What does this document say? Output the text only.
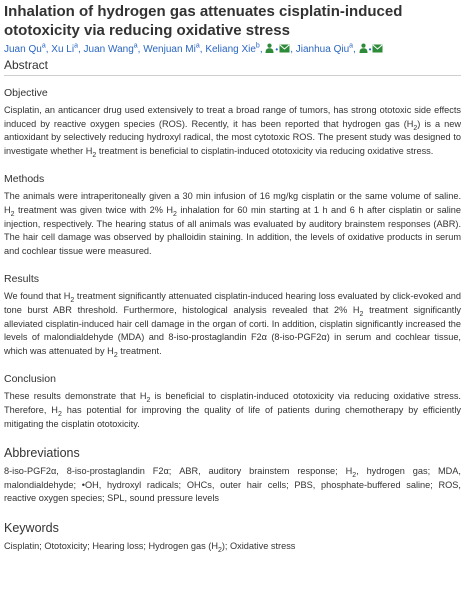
Inhalation of hydrogen gas attenuates cisplatin-induced ototoxicity via reducing oxidative stress
Juan Qu$^a$, Xu Li$^a$, Juan Wang$^a$, Wenjuan Mi$^a$, Keliang Xie$^b$,
• , Jianhua Qiu$^a$,
•
Abstract
Objective

Cisplatin, an anticancer drug used extensively to treat a broad range of tumors, has strong ototoxic side effects induced by reactive oxygen species (ROS). Recently, it has been reported that hydrogen gas $(H_2)$ is a new antioxidant by selectively reducing hydroxyl radical, the most cytotoxic ROS. The present study was designed to investigate whether $H_2$ treatment is beneficial to cisplatin-induced ototoxicity via reducing oxidative stress.

Methods

The animals were intraperitoneally given a 30 min infusion of 16 mg/kg cisplatin or the same volume of saline. $H_2$ treatment was given twice with 2% $H_2$ inhalation for 60 min starting at 1 h and 6 h after cisplatin or saline injection, respectively. The hearing status of all animals was evaluated by auditory brainstem responses (ABR). The hair cell damage was observed by phalloidin staining. In addition, the levels of oxidative products in serum and cochlear tissue were measured.

Results

We found that $H_2$ treatment significantly attenuated cisplatin-induced hearing loss evaluated by click-evoked and tone burst ABR threshold. Furthermore, histological analysis revealed that 2% $H_2$ treatment significantly alleviated cisplatin-induced hair cell damage in the organ of corti. In addition, cisplatin significantly increased the levels of malondialdehyde (MDA) and 8-iso-prostaglandin F2α (8-iso-PGF2α) in serum and cochlear tissue, which was attenuated by $H_2$ treatment.

Conclusion

These results demonstrate that $H_2$ is beneficial to cisplatin-induced ototoxicity via reducing oxidative stress. Therefore, $H_2$ has potential for improving the quality of life of patients during chemotherapy by efficiently mitigating the cisplatin ototoxicity.

Abbreviations

8-iso-PGF2α, 8-iso-prostaglandin F2α; ABR, auditory brainstem response; $H_2$, hydrogen gas; MDA, malondialdehyde; •OH, hydroxyl radicals; OHCs, outer hair cells; PBS, phosphate-buffered saline; ROS, reactive oxygen species; SPL, sound pressure levels

Keywords

Cisplatin; Ototoxicity; Hearing loss; Hydrogen gas $(H_2)$; Oxidative stress
